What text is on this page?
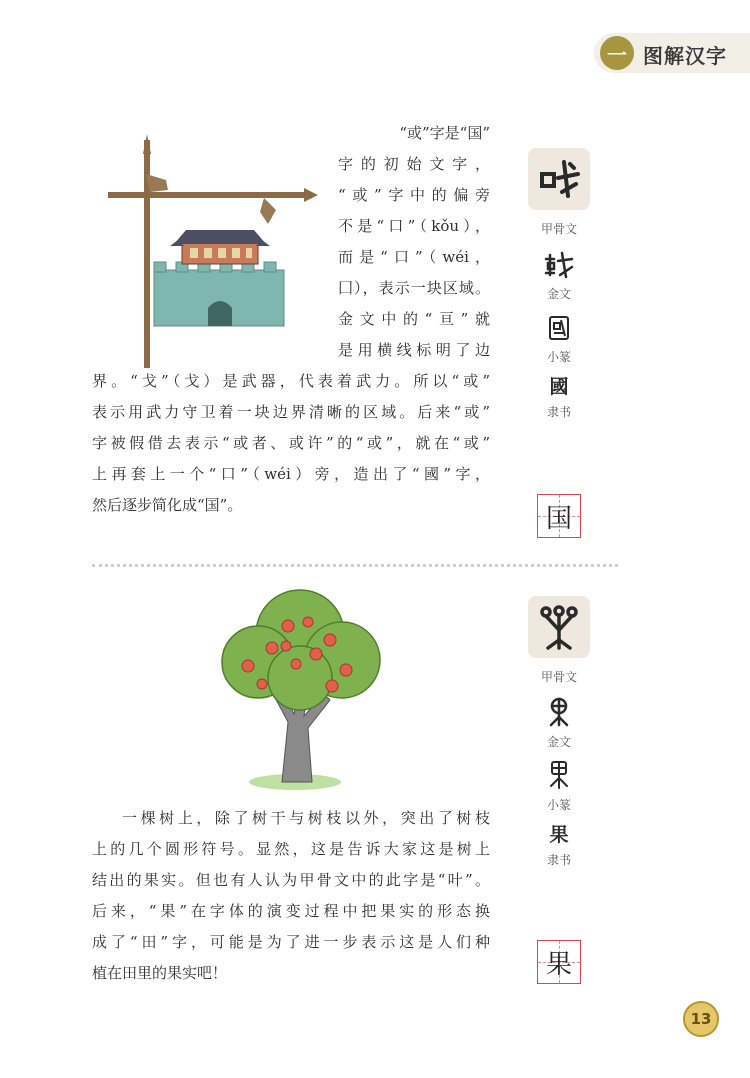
一 图解汉字
“或”字是“国”
字的初始文字，
“或”字中的偏旁
不是“口”（kǒu），
而是“口”（wéi，
囗），表示一块区域。
金文中的“亘”就
是用横线标明了边
界。“戈”（戈）是武器，代表着武力。所以“或”
表示用武力守卫着一块边界清晰的区域。后来“或”
字被假借去表示“或者、或许”的“或”，就在“或”
上再套上一个“口”（wéi）旁，造出了“國”字，
然后逐步简化成“国”。
甲骨文
金文
小篆
國
隶书
国
一棵树上，除了树干与树枝以外，突出了树枝
上的几个圆形符号。显然，这是告诉大家这是树上
结出的果实。但也有人认为甲骨文中的此字是“叶”。
后来，“果”在字体的演变过程中把果实的形态换
成了“田”字，可能是为了进一步表示这是人们种
植在田里的果实吧！
甲骨文
金文
小篆
果
隶书
果
13
